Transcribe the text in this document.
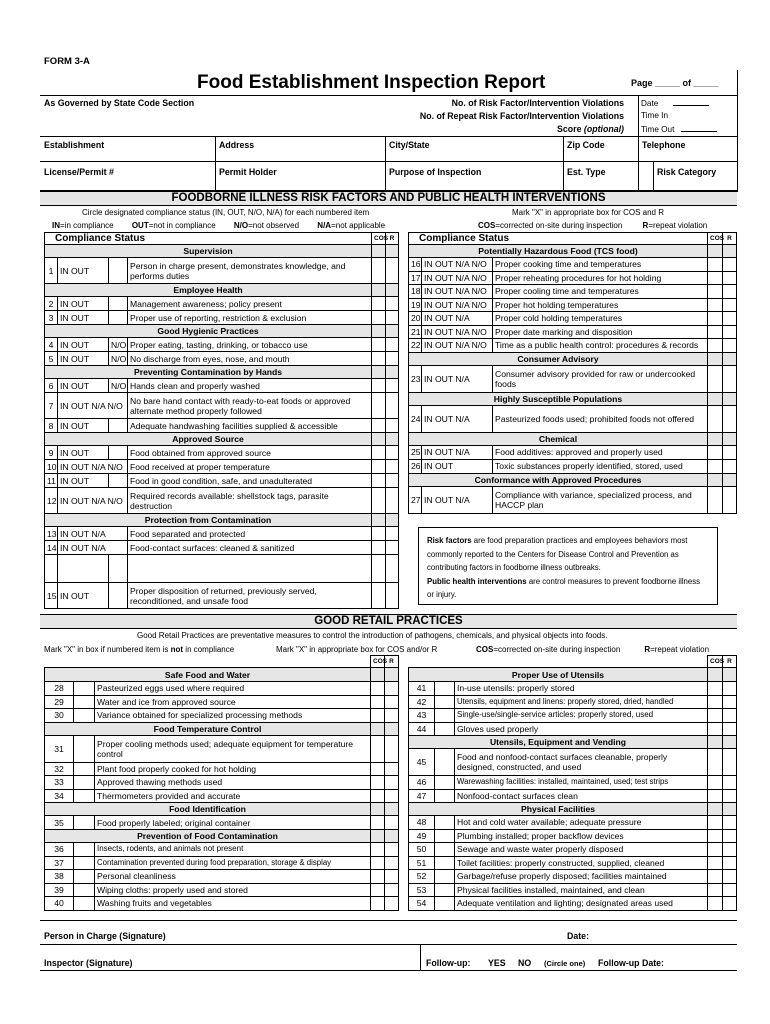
FORM 3-A
Food Establishment Inspection Report	Page _____ of _____
As Governed by State Code Section	No. of Risk Factor/Intervention Violations
No. of Repeat Risk Factor/Intervention Violations
Score (optional)
Date
Time In
Time Out
Establishment	Address	City/State	Zip Code	Telephone
License/Permit #	Permit Holder	Purpose of Inspection	Est. Type	Risk Category
FOODBORNE ILLNESS RISK FACTORS AND PUBLIC HEALTH INTERVENTIONS
Circle designated compliance status (IN, OUT, N/O, N/A) for each numbered item	Mark "X" in appropriate box for COS and R
IN=in compliance OUT=not in compliance N/O=not observed N/A=not applicable	COS=corrected on-site during inspection	R=repeat violation
Compliance Status				COS	R
Supervision					
1	IN OUT		Person in charge present, demonstrates knowledge, and performs duties		
Employee Health					
2	IN OUT		Management awareness; policy present		
3	IN OUT		Proper use of reporting, restriction & exclusion		
Good Hygienic Practices					
4	IN OUT	N/O	Proper eating, tasting, drinking, or tobacco use		
5	IN OUT	N/O	No discharge from eyes, nose, and mouth		
Preventing Contamination by Hands					
6	IN OUT	N/O	Hands clean and properly washed		
7	IN OUT N/A N/O		No bare hand contact with ready-to-eat foods or approved alternate method properly followed		
8	IN OUT		Adequate handwashing facilities supplied & accessible		
Approved Source					
9	IN OUT		Food obtained from approved source		
10	IN OUT N/A N/O		Food received at proper temperature		
11	IN OUT		Food in good condition, safe, and unadulterated		
12	IN OUT N/A N/O		Required records available: shellstock tags, parasite destruction		
Protection from Contamination					
13	IN OUT N/A		Food separated and protected		
14	IN OUT N/A		Food-contact surfaces: cleaned & sanitized		

15	IN OUT		Proper disposition of returned, previously served, reconditioned, and unsafe food		
Compliance Status			COS	R
Potentially Hazardous Food (TCS food)				
16	IN OUT N/A N/O	Proper cooking time and temperatures		
17	IN OUT N/A N/O	Proper reheating procedures for hot holding		
18	IN OUT N/A N/O	Proper cooling time and temperatures		
19	IN OUT N/A N/O	Proper hot holding temperatures		
20	IN OUT N/A	Proper cold holding temperatures		
21	IN OUT N/A N/O	Proper date marking and disposition		
22	IN OUT N/A N/O	Time as a public health control: procedures & records		
Consumer Advisory				
23	IN OUT N/A	Consumer advisory provided for raw or undercooked foods		
Highly Susceptible Populations				
24	IN OUT N/A	Pasteurized foods used; prohibited foods not offered		
Chemical				
25	IN OUT N/A	Food additives: approved and properly used		
26	IN OUT	Toxic substances properly identified, stored, used		
Conformance with Approved Procedures				
27	IN OUT N/A	Compliance with variance, specialized process, and HACCP plan		
Risk factors are food preparation practices and employees behaviors most commonly reported to the Centers for Disease Control and Prevention as contributing factors in foodborne illness outbreaks.
Public health interventions are control measures to prevent foodborne illness or injury.
GOOD RETAIL PRACTICES
Good Retail Practices are preventative measures to control the introduction of pathogens, chemicals, and physical objects into foods.
Mark "X" in box if numbered item is not in compliance	Mark "X" in appropriate box for COS and/or R	COS=corrected on-site during inspection	R=repeat violation
			COS	R
Safe Food and Water				
28		Pasteurized eggs used where required		
29		Water and ice from approved source		
30		Variance obtained for specialized processing methods		
Food Temperature Control				
31		Proper cooling methods used; adequate equipment for temperature control		
32		Plant food properly cooked for hot holding		
33		Approved thawing methods used		
34		Thermometers provided and accurate		
Food Identification				
35		Food properly labeled; original container		
Prevention of Food Contamination				
36		Insects, rodents, and animals not present		
37		Contamination prevented during food preparation, storage & display		
38		Personal cleanliness		
39		Wiping cloths: properly used and stored		
40		Washing fruits and vegetables		
			COS	R
Proper Use of Utensils				
41		In-use utensils: properly stored		
42		Utensils, equipment and linens: properly stored, dried, handled		
43		Single-use/single-service articles: properly stored, used		
44		Gloves used properly		
Utensils, Equipment and Vending				
45		Food and nonfood-contact surfaces cleanable, properly designed, constructed, and used		
46		Warewashing facilities: installed, maintained, used; test strips		
47		Nonfood-contact surfaces clean		
Physical Facilities				
48		Hot and cold water available; adequate pressure		
49		Plumbing installed; proper backflow devices		
50		Sewage and waste water properly disposed		
51		Toilet facilities: properly constructed, supplied, cleaned		
52		Garbage/refuse properly disposed; facilities maintained		
53		Physical facilities installed, maintained, and clean		
54		Adequate ventilation and lighting; designated areas used		
Person in Charge (Signature)	Date:
Inspector (Signature)	Follow-up: YES NO (Circle one) Follow-up Date:
